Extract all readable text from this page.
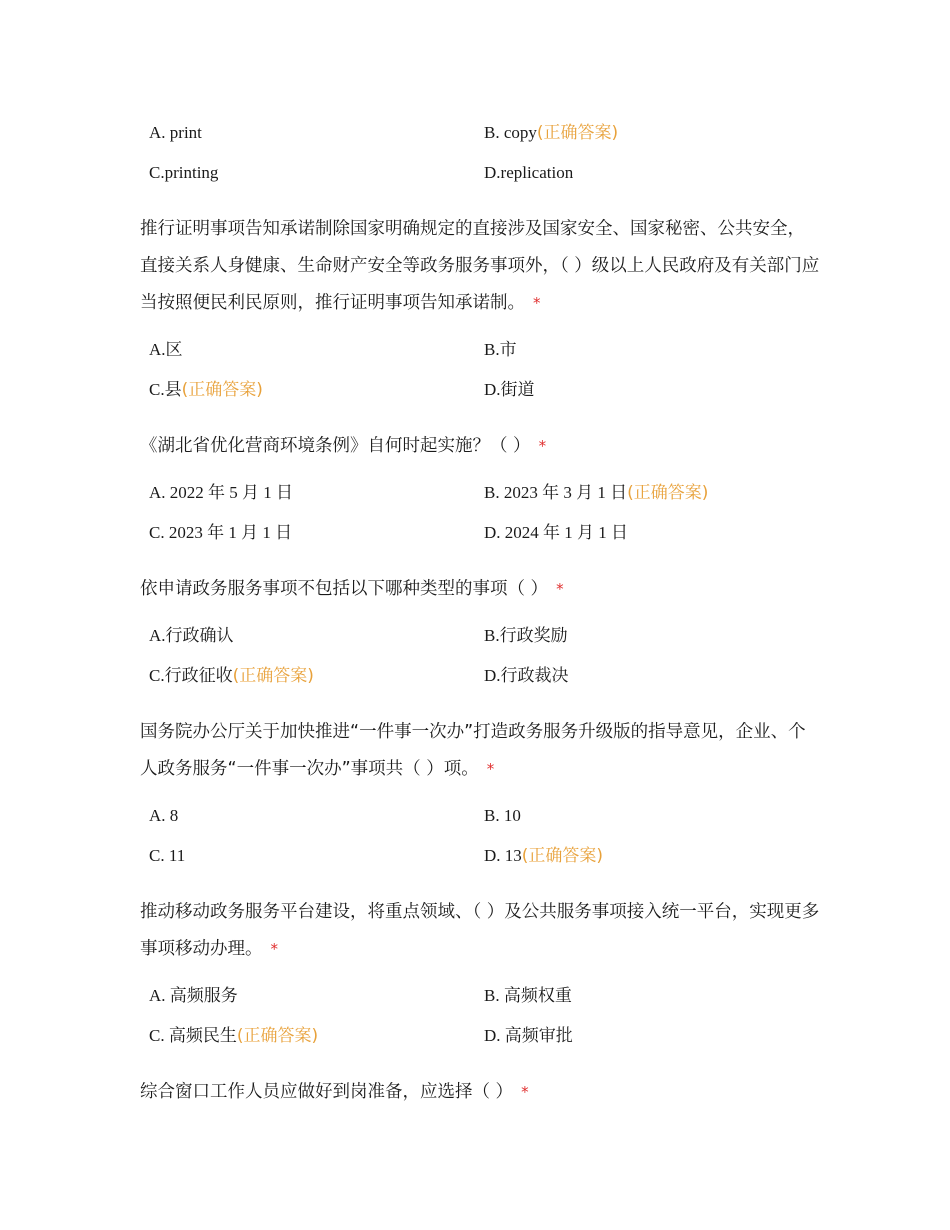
A. print	B. copy(正确答案)
C.printing	D.replication
推行证明事项告知承诺制除国家明确规定的直接涉及国家安全、国家秘密、公共安全，直接关系人身健康、生命财产安全等政务服务事项外，（ ）级以上人民政府及有关部门应当按照便民利民原则，推行证明事项告知承诺制。 *
A.区	B.市
C.县(正确答案)	D.街道
《湖北省优化营商环境条例》自何时起实施？（ ） *
A. 2022 年 5 月 1 日	B. 2023 年 3 月 1 日(正确答案)
C. 2023 年 1 月 1 日	D. 2024 年 1 月 1 日
依申请政务服务事项不包括以下哪种类型的事项（ ） *
A.行政确认	B.行政奖励
C.行政征收(正确答案)	D.行政裁决
国务院办公厅关于加快推进“一件事一次办”打造政务服务升级版的指导意见，企业、个人政务服务“一件事一次办”事项共（ ）项。 *
A. 8	B. 10
C. 11	D. 13(正确答案)
推动移动政务服务平台建设，将重点领域、（ ）及公共服务事项接入统一平台，实现更多事项移动办理。 *
A. 高频服务	B. 高频权重
C. 高频民生(正确答案)	D. 高频审批
综合窗口工作人员应做好到岗准备，应选择（ ） *
